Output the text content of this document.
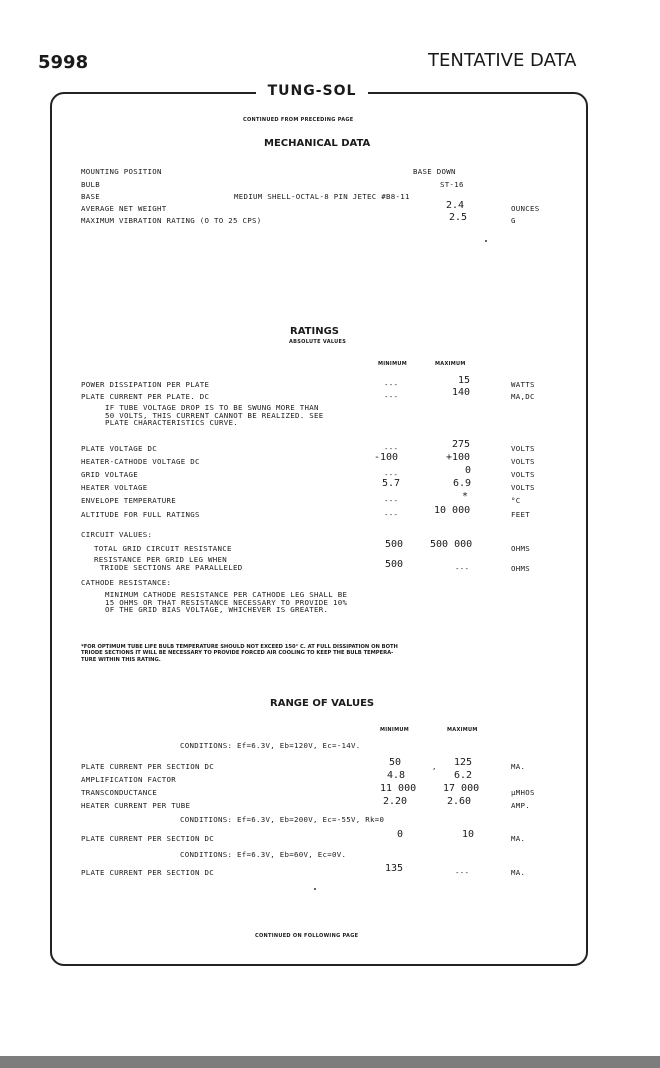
5998	TENTATIVE DATA
TUNG-SOL
CONTINUED FROM PRECEDING PAGE
MECHANICAL DATA
MOUNTING POSITION	BASE DOWN
BULB	ST-16
BASE	MEDIUM SHELL-OCTAL-8 PIN JETEC #B8-11
AVERAGE NET WEIGHT	2.4	OUNCES
MAXIMUM VIBRATION RATING (O TO 25 CPS)	2.5	G
RATINGS
ABSOLUTE VALUES
MINIMUM	MAXIMUM
POWER DISSIPATION PER PLATE	---	15	WATTS
PLATE CURRENT PER PLATE. DC	---	140	MA,DC
IF TUBE VOLTAGE DROP IS TO BE SWUNG MORE THAN
50 VOLTS, THIS CURRENT CANNOT BE REALIZED. SEE
PLATE CHARACTERISTICS CURVE.
PLATE VOLTAGE DC	---	275	VOLTS
HEATER-CATHODE VOLTAGE DC	-100	+100	VOLTS
GRID VOLTAGE	---	0	VOLTS
HEATER VOLTAGE	5.7	6.9	VOLTS
ENVELOPE TEMPERATURE	---	*	°C
ALTITUDE FOR FULL RATINGS	---	10 000	FEET
CIRCUIT VALUES:
TOTAL GRID CIRCUIT RESISTANCE	500	500 000	OHMS
RESISTANCE PER GRID LEG WHEN
TRIODE SECTIONS ARE PARALLELED	500	---	OHMS
CATHODE RESISTANCE:
MINIMUM CATHODE RESISTANCE PER CATHODE LEG SHALL BE
15 OHMS OR THAT RESISTANCE NECESSARY TO PROVIDE 10%
OF THE GRID BIAS VOLTAGE, WHICHEVER IS GREATER.
*FOR OPTIMUM TUBE LIFE BULB TEMPERATURE SHOULD NOT EXCEED 150° C. AT FULL DISSIPATION ON BOTH
TRIODE SECTIONS IT WILL BE NECESSARY TO PROVIDE FORCED AIR COOLING TO KEEP THE BULB TEMPERA-
TURE WITHIN THIS RATING.
RANGE OF VALUES
MINIMUM	MAXIMUM
CONDITIONS: Ef=6.3V, Eb=120V, Ec=-14V.
PLATE CURRENT PER SECTION DC	50	, 125	MA.
AMPLIFICATION FACTOR	4.8	6.2
TRANSCONDUCTANCE	11 000	17 000	µMHOS
HEATER CURRENT PER TUBE	2.20	2.60	AMP.
CONDITIONS: Ef=6.3V, Eb=200V, Ec=-55V, Rk=0
PLATE CURRENT PER SECTION DC	0	10	MA.
CONDITIONS: Ef=6.3V, Eb=60V, Ec=0V.
PLATE CURRENT PER SECTION DC	135	---	MA.
CONTINUED ON FOLLOWING PAGE
